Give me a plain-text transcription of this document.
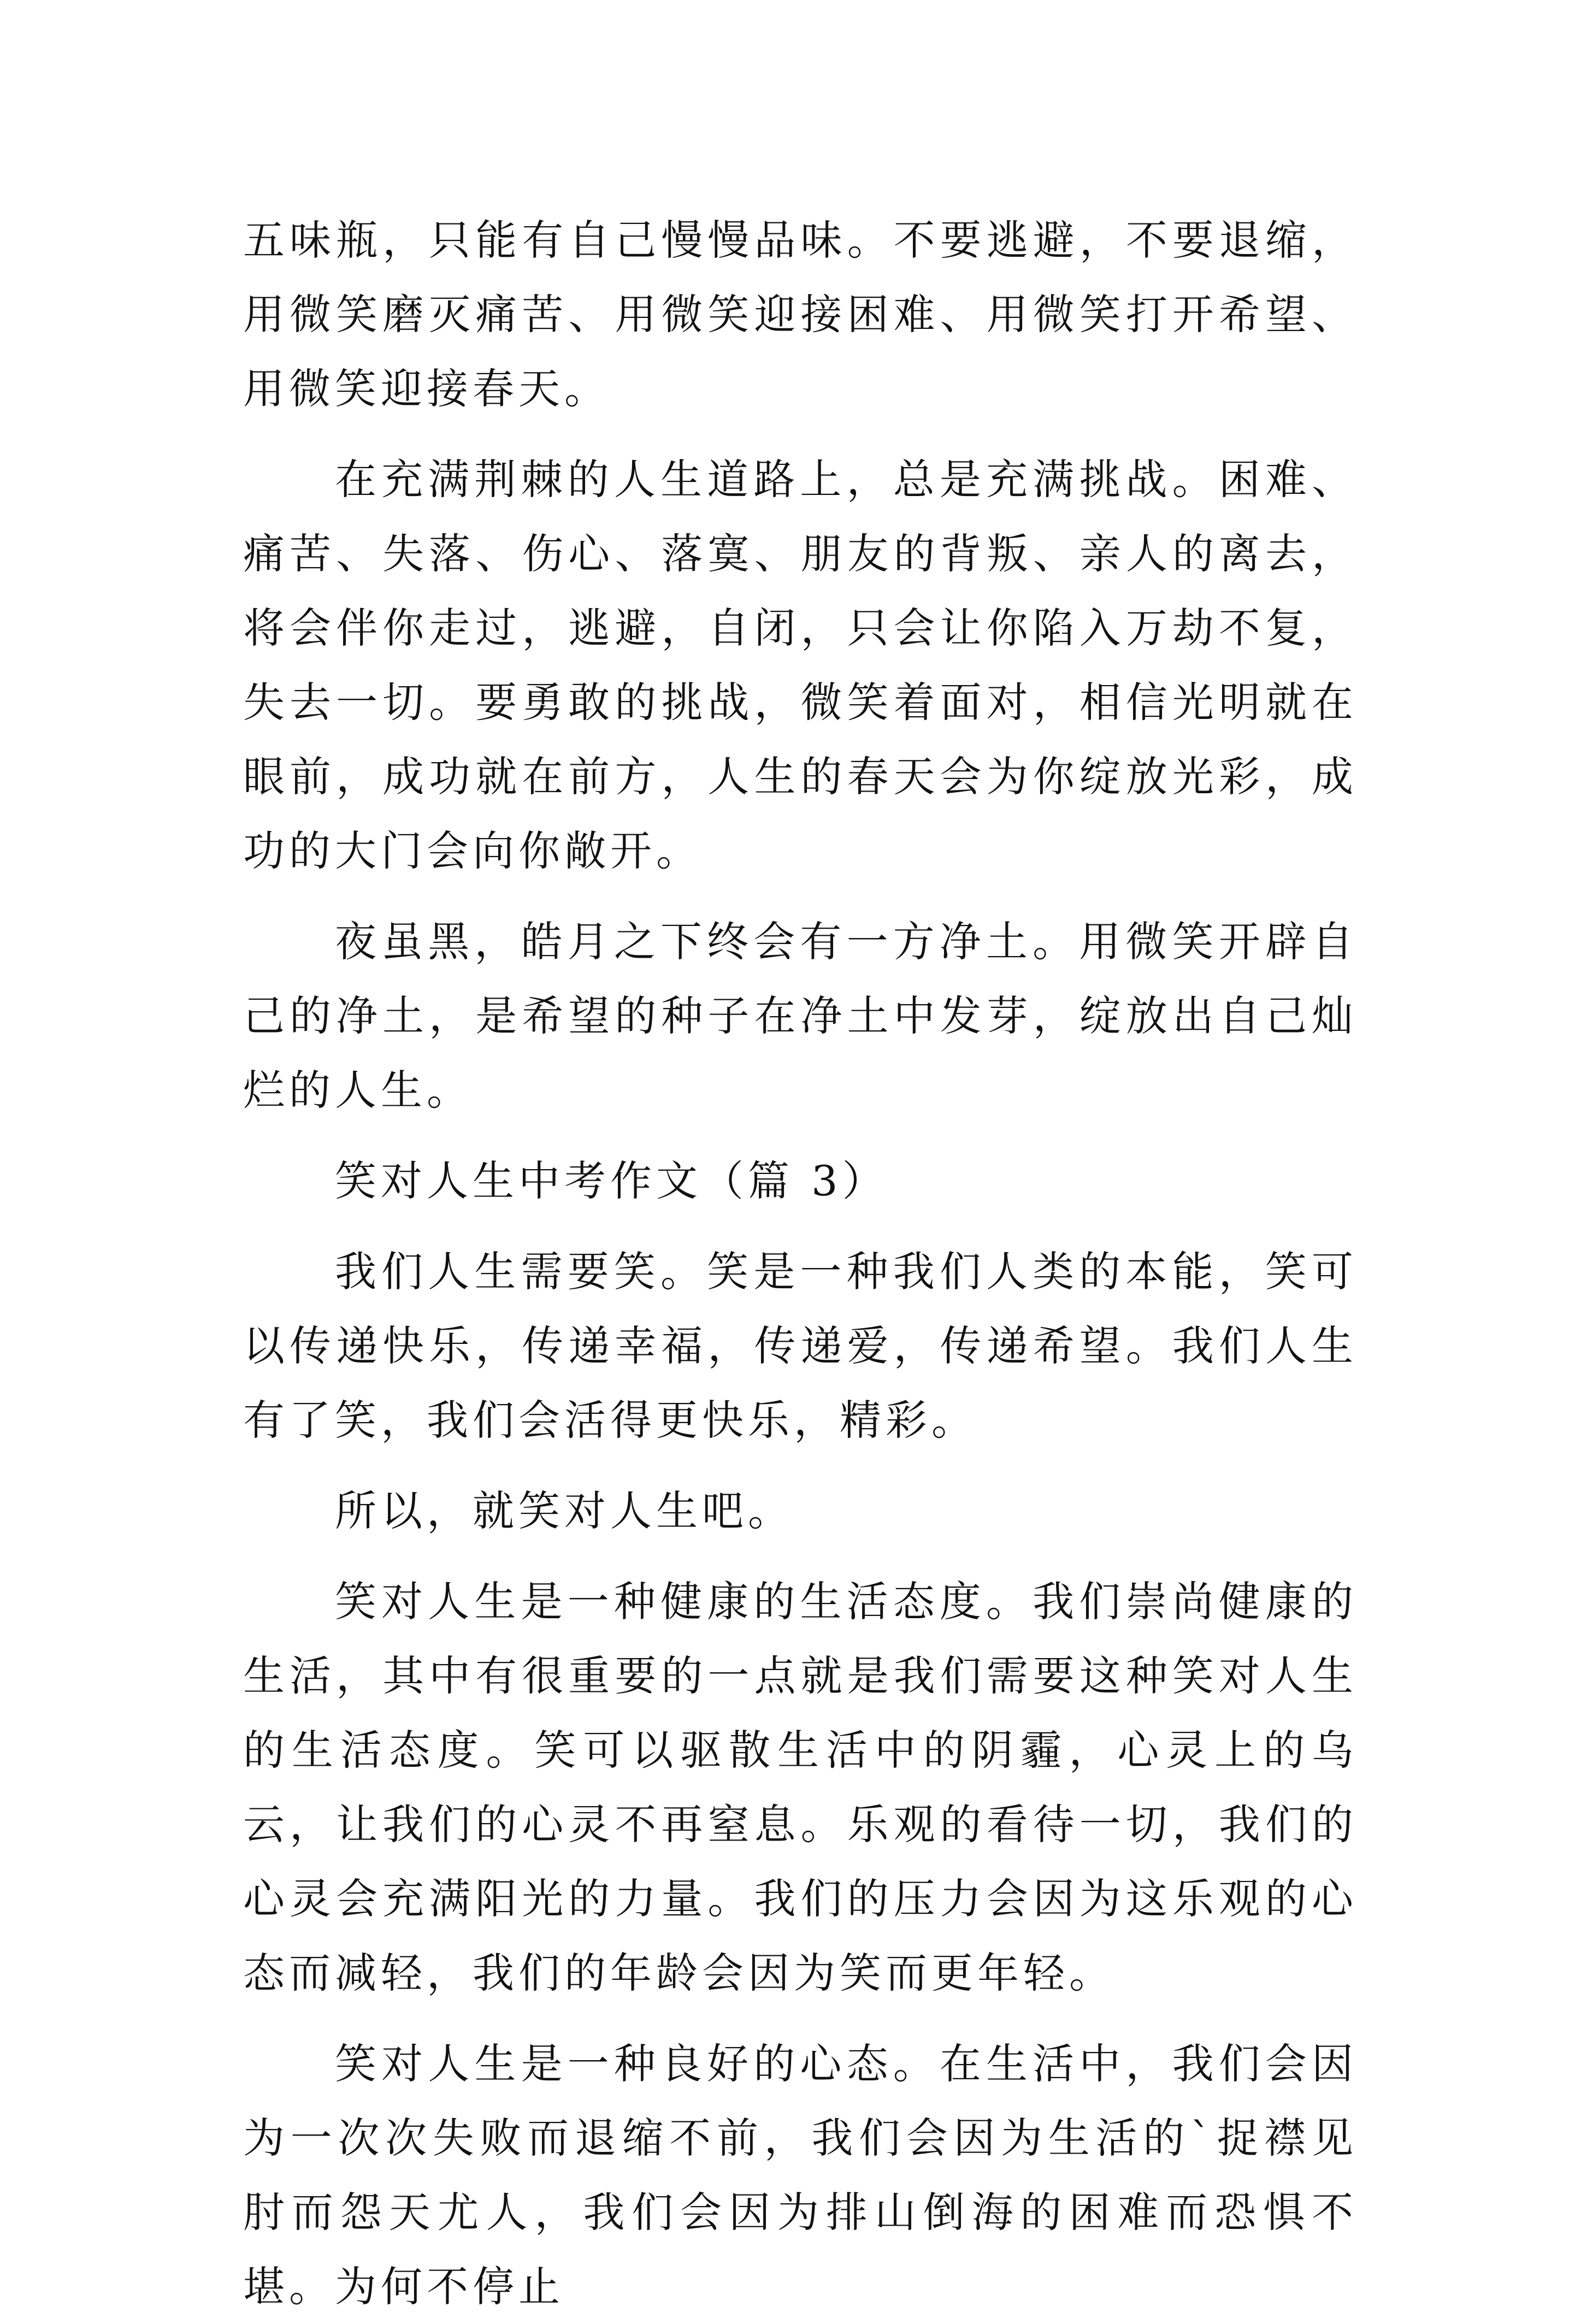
五味瓶，只能有自己慢慢品味。不要逃避，不要退缩，用微笑磨灭痛苦、用微笑迎接困难、用微笑打开希望、用微笑迎接春天。

在充满荆棘的人生道路上，总是充满挑战。困难、痛苦、失落、伤心、落寞、朋友的背叛、亲人的离去，将会伴你走过，逃避，自闭，只会让你陷入万劫不复，失去一切。要勇敢的挑战，微笑着面对，相信光明就在眼前，成功就在前方，人生的春天会为你绽放光彩，成功的大门会向你敞开。

夜虽黑，皓月之下终会有一方净土。用微笑开辟自己的净土，是希望的种子在净土中发芽，绽放出自己灿烂的人生。

笑对人生中考作文（篇 3）

我们人生需要笑。笑是一种我们人类的本能，笑可以传递快乐，传递幸福，传递爱，传递希望。我们人生有了笑，我们会活得更快乐，精彩。

所以，就笑对人生吧。

笑对人生是一种健康的生活态度。我们崇尚健康的生活，其中有很重要的一点就是我们需要这种笑对人生的生活态度。笑可以驱散生活中的阴霾，心灵上的乌云，让我们的心灵不再窒息。乐观的看待一切，我们的心灵会充满阳光的力量。我们的压力会因为这乐观的心态而减轻，我们的年龄会因为笑而更年轻。

笑对人生是一种良好的心态。在生活中，我们会因为一次次失败而退缩不前，我们会因为生活的`捉襟见肘而怨天尤人，我们会因为排山倒海的困难而恐惧不堪。为何不停止
